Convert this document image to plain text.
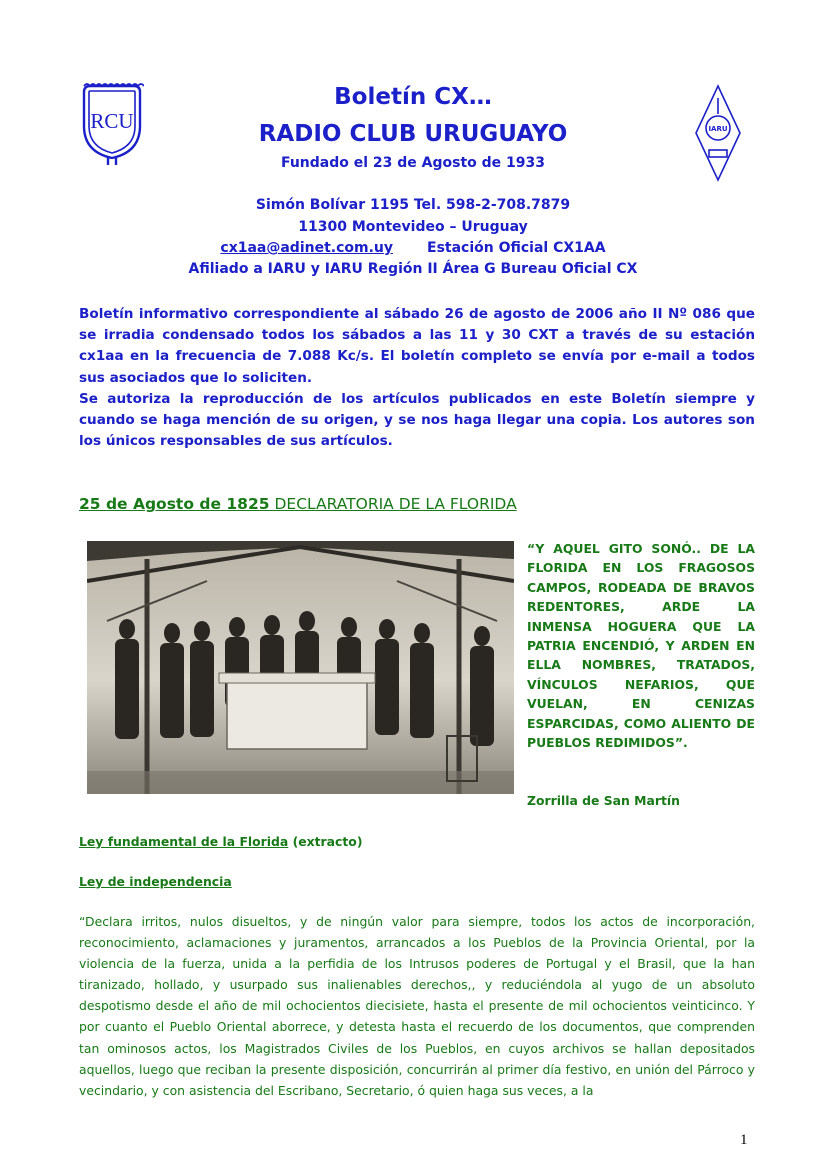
RCU	IARU
Boletín CX…
RADIO CLUB URUGUAYO
Fundado el 23 de Agosto de 1933
Simón Bolívar 1195 Tel. 598-2-708.7879
11300 Montevideo – Uruguay
cx1aa@adinet.com.uy Estación Oficial CX1AA
Afiliado a IARU y IARU Región II Área G Bureau Oficial CX

Boletín informativo correspondiente al sábado 26 de agosto de 2006 año II Nº 086 que se irradia condensado todos los sábados a las 11 y 30 CXT a través de su estación cx1aa en la frecuencia de 7.088 Kc/s. El boletín completo se envía por e-mail a todos sus asociados que lo soliciten.

Se autoriza la reproducción de los artículos publicados en este Boletín siempre y cuando se haga mención de su origen, y se nos haga llegar una copia. Los autores son los únicos responsables de sus artículos.

25 de Agosto de 1825 DECLARATORIA DE LA FLORIDA

“Y AQUEL GITO SONÓ.. DE LA FLORIDA EN LOS FRAGOSOS CAMPOS, RODEADA DE BRAVOS REDENTORES, ARDE LA INMENSA HOGUERA QUE LA PATRIA ENCENDIÓ, Y ARDEN EN ELLA NOMBRES, TRATADOS, VÍNCULOS NEFARIOS, QUE VUELAN, EN CENIZAS ESPARCIDAS, COMO ALIENTO DE PUEBLOS REDIMIDOS”.

Zorrilla de San Martín

Ley fundamental de la Florida (extracto)

Ley de independencia

“Declara irritos, nulos disueltos, y de ningún valor para siempre, todos los actos de incorporación, reconocimiento, aclamaciones y juramentos, arrancados a los Pueblos de la Provincia Oriental, por la violencia de la fuerza, unida a la perfidia de los Intrusos poderes de Portugal y el Brasil, que la han tiranizado, hollado, y usurpado sus inalienables derechos,, y reduciéndola al yugo de un absoluto despotismo desde el año de mil ochocientos diecisiete, hasta el presente de mil ochocientos veinticinco. Y por cuanto el Pueblo Oriental aborrece, y detesta hasta el recuerdo de los documentos, que comprenden tan ominosos actos, los Magistrados Civiles de los Pueblos, en cuyos archivos se hallan depositados aquellos, luego que reciban la presente disposición, concurrirán al primer día festivo, en unión del Párroco y vecindario, y con asistencia del Escribano, Secretario, ó quien haga sus veces, a la

1
